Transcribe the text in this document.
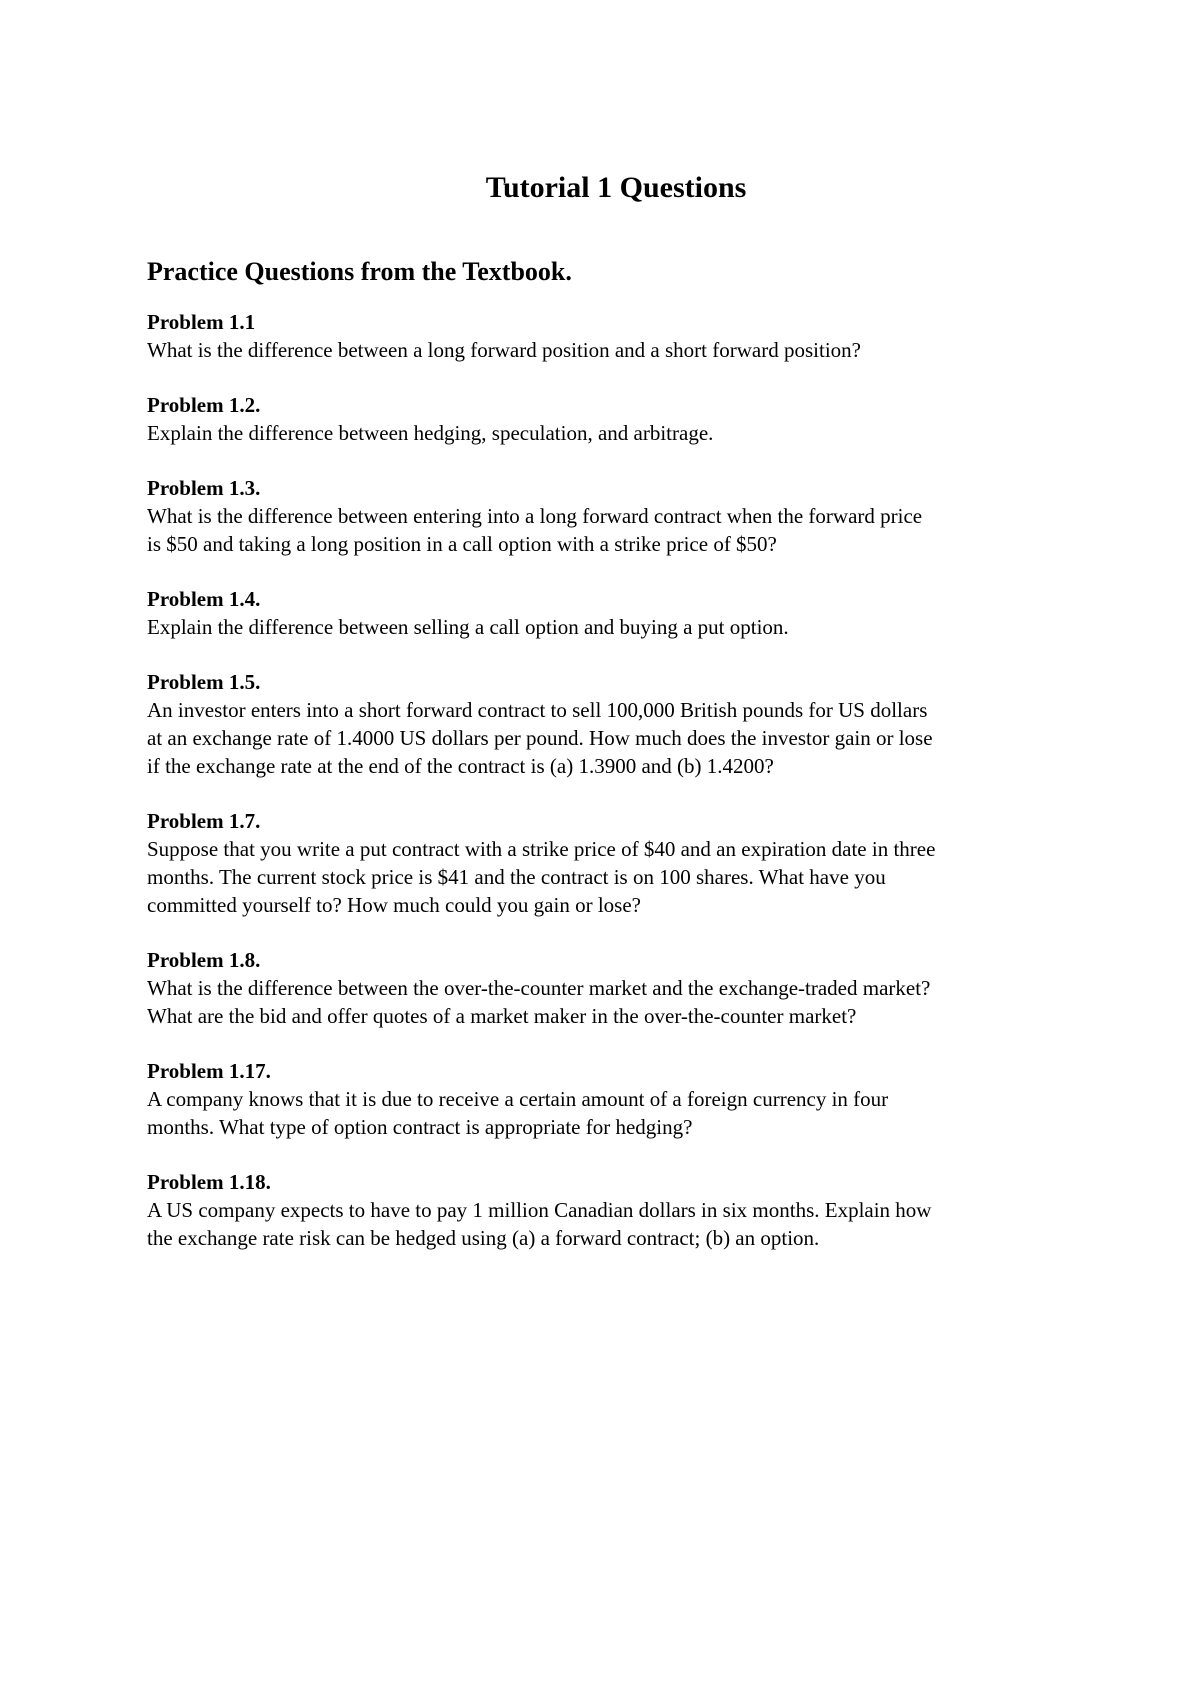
Tutorial 1 Questions
Practice Questions from the Textbook.
Problem 1.1
What is the difference between a long forward position and a short forward position?
Problem 1.2.
Explain the difference between hedging, speculation, and arbitrage.
Problem 1.3.
What is the difference between entering into a long forward contract when the forward price
is $50 and taking a long position in a call option with a strike price of $50?
Problem 1.4.
Explain the difference between selling a call option and buying a put option.
Problem 1.5.
An investor enters into a short forward contract to sell 100,000 British pounds for US dollars
at an exchange rate of 1.4000 US dollars per pound. How much does the investor gain or lose
if the exchange rate at the end of the contract is (a) 1.3900 and (b) 1.4200?
Problem 1.7.
Suppose that you write a put contract with a strike price of $40 and an expiration date in three
months. The current stock price is $41 and the contract is on 100 shares. What have you
committed yourself to? How much could you gain or lose?
Problem 1.8.
What is the difference between the over-the-counter market and the exchange-traded market?
What are the bid and offer quotes of a market maker in the over-the-counter market?
Problem 1.17.
A company knows that it is due to receive a certain amount of a foreign currency in four
months. What type of option contract is appropriate for hedging?
Problem 1.18.
A US company expects to have to pay 1 million Canadian dollars in six months. Explain how
the exchange rate risk can be hedged using (a) a forward contract; (b) an option.
